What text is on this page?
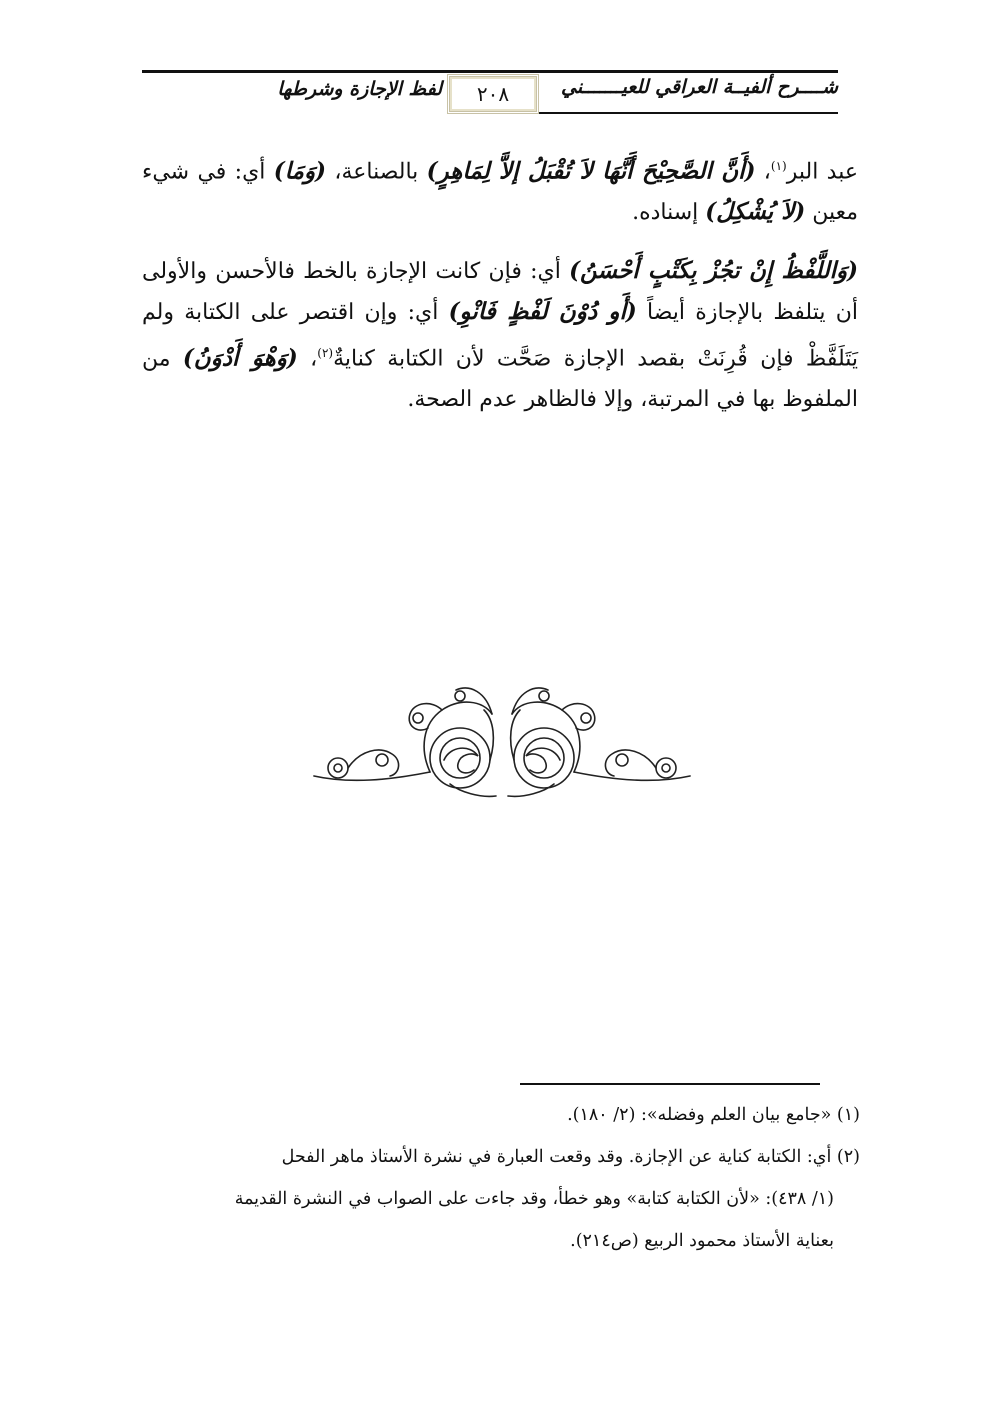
شــــرح ألفيــة العراقي للعيـــــــني
٢٠٨
لفظ الإجازة وشرطها

عبد البر$^{(١)}$، (أَنَّ الصَّحِيْحَ أَنَّهَا لاَ تُقْبَلُ إلاَّ لِمَاهِرٍ) بالصناعة، (وَمَا) أي: في شيء معين (لاَ يُشْكِلُ) إسناده.

(وَاللَّفْظُ إِنْ تجُزْ بِكَتْبٍ أَحْسَنُ) أي: فإن كانت الإجازة بالخط فالأحسن والأولى أن يتلفظ بالإجازة أيضاً (أَو دُوْنَ لَفْظٍ فَانْوِ) أي: وإن اقتصر على الكتابة ولم يَتَلَفَّظْ فإن قُرِنَتْ بقصد الإجازة صَحَّت لأن الكتابة كنايةٌ$^{(٢)}$، (وَهْوَ أَدْوَنُ) من الملفوظ بها في المرتبة، وإلا فالظاهر عدم الصحة.

(١) «جامع بيان العلم وفضله»: (٢/ ١٨٠).

(٢) أي: الكتابة كناية عن الإجازة. وقد وقعت العبارة في نشرة الأستاذ ماهر الفحل

(١/ ٤٣٨): «لأن الكتابة كتابة» وهو خطأ، وقد جاءت على الصواب في النشرة القديمة

بعناية الأستاذ محمود الربيع (ص٢١٤).
